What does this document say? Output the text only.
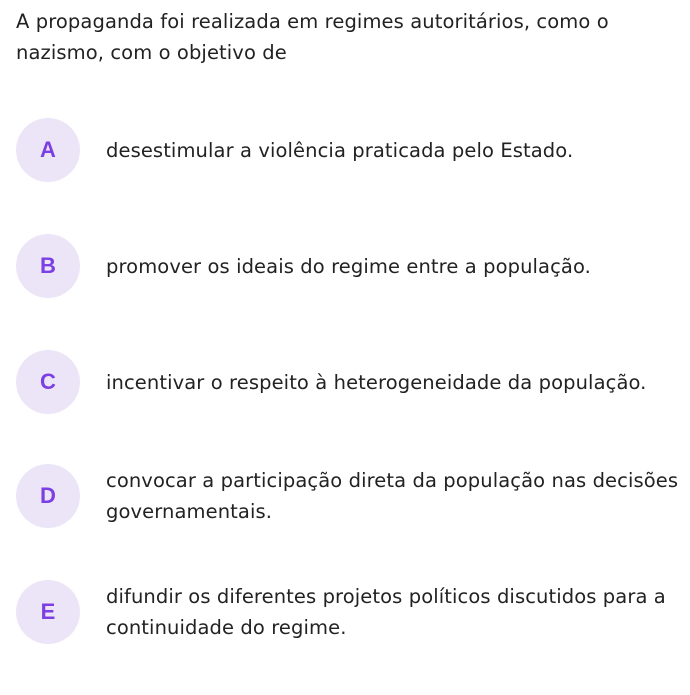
A propaganda foi realizada em regimes autoritários, como o nazismo, com o objetivo de

A	desestimular a violência praticada pelo Estado.
B	promover os ideais do regime entre a população.
C	incentivar o respeito à heterogeneidade da população.
D
convocar a participação direta da população nas decisões governamentais.
E
difundir os diferentes projetos políticos discutidos para a continuidade do regime.
